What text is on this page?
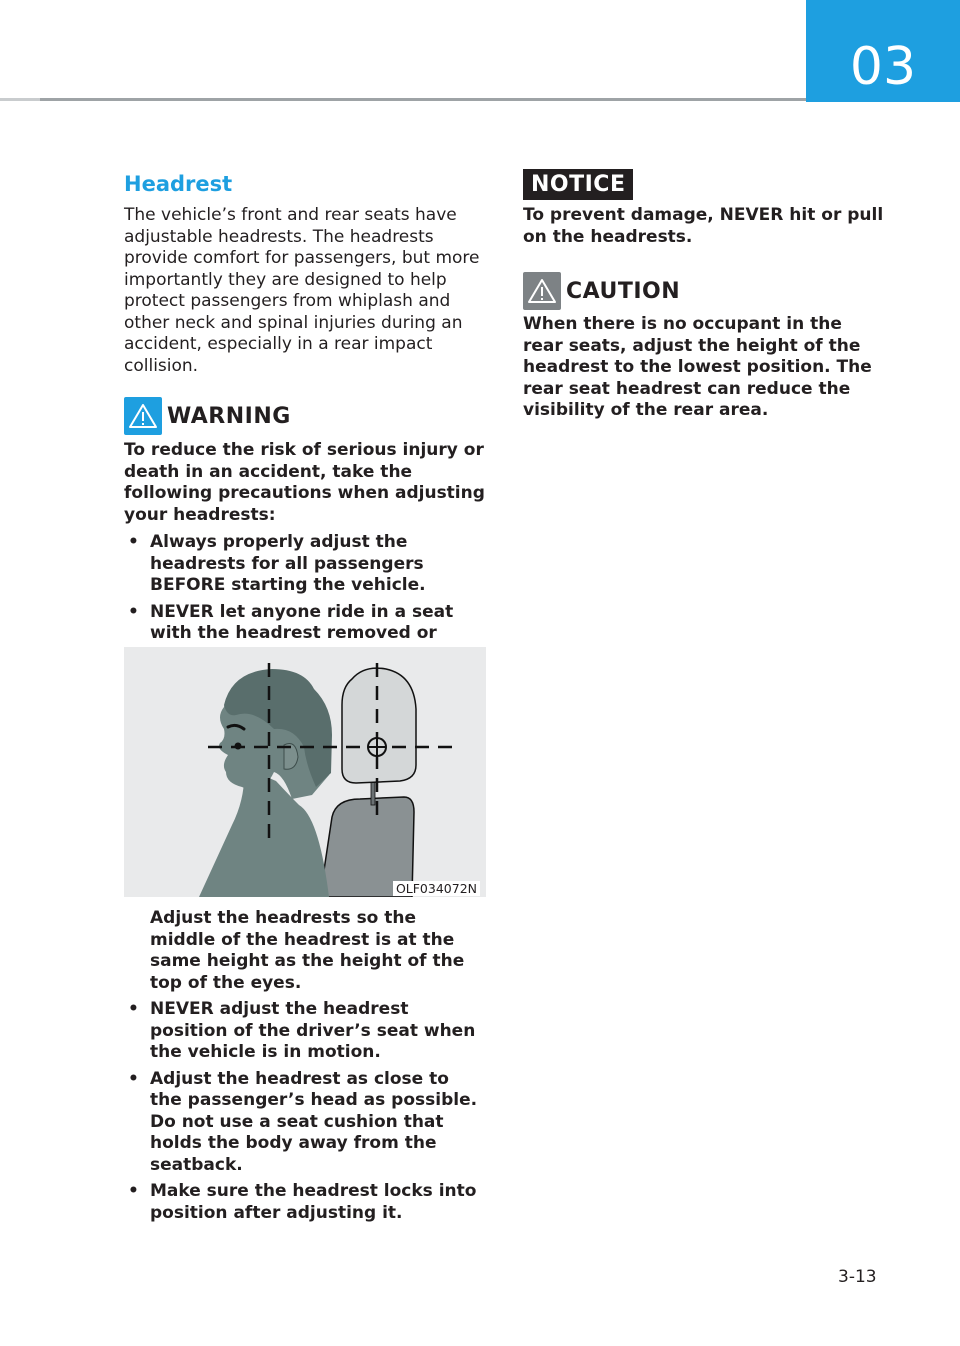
03
Headrest

The vehicle’s front and rear seats have adjustable headrests. The headrests provide comfort for passengers, but more importantly they are designed to help protect passengers from whiplash and other neck and spinal injuries during an accident, especially in a rear impact collision.

WARNING

To reduce the risk of serious injury or death in an accident, take the following precautions when adjusting your headrests:

• Always properly adjust the headrests for all passengers BEFORE starting the vehicle.
• NEVER let anyone ride in a seat with the headrest removed or
Adjust the headrests so the middle of the headrest is at the same height as the height of the top of the eyes.
• NEVER adjust the headrest position of the driver’s seat when the vehicle is in motion.
• Adjust the headrest as close to the passenger’s head as possible. Do not use a seat cushion that holds the body away from the seatback.
• Make sure the headrest locks into position after adjusting it.
OLF034072N
NOTICE

To prevent damage, NEVER hit or pull on the headrests.

CAUTION

When there is no occupant in the rear seats, adjust the height of the headrest to the lowest position. The rear seat headrest can reduce the visibility of the rear area.

3-13
